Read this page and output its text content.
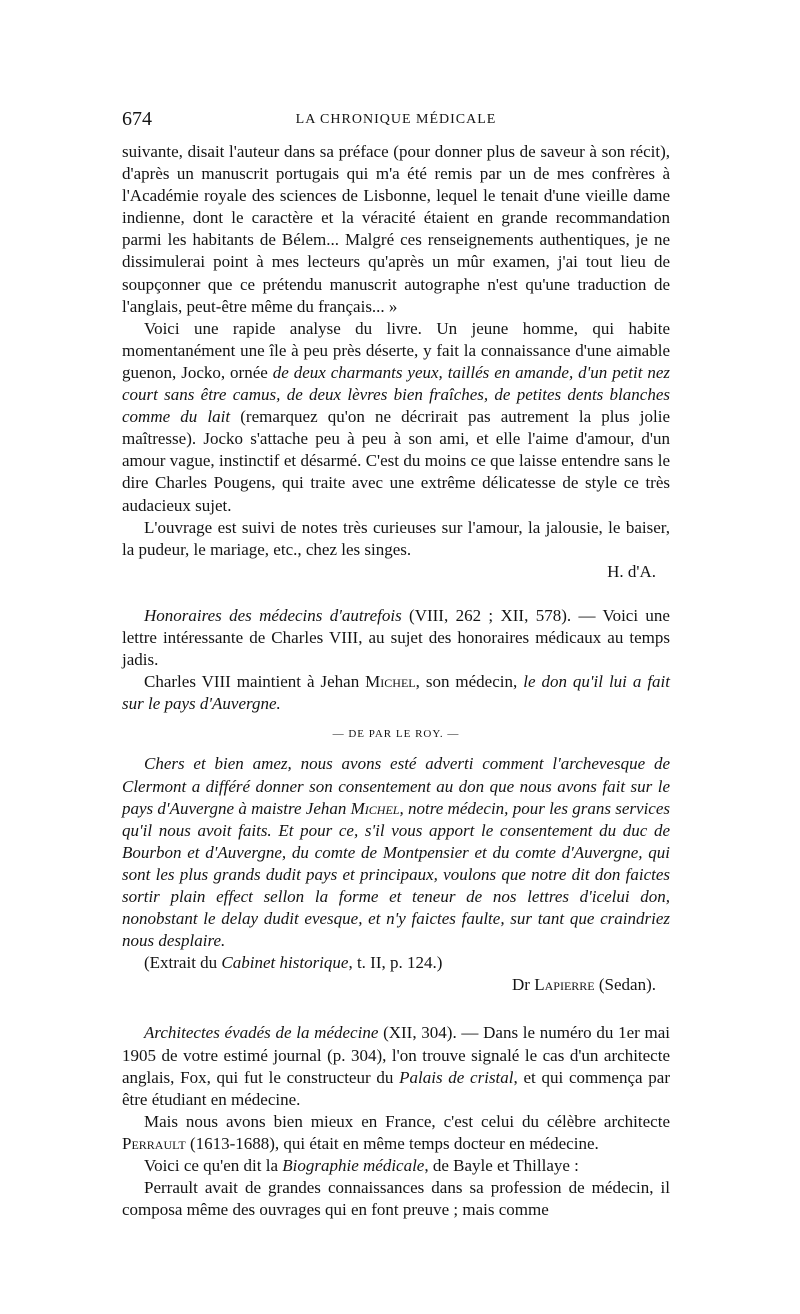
674	LA CHRONIQUE MÉDICALE

suivante, disait l'auteur dans sa préface (pour donner plus de saveur à son récit), d'après un manuscrit portugais qui m'a été remis par un de mes confrères à l'Académie royale des sciences de Lisbonne, lequel le tenait d'une vieille dame indienne, dont le caractère et la véracité étaient en grande recommandation parmi les habitants de Bélem... Malgré ces renseignements authentiques, je ne dissimulerai point à mes lecteurs qu'après un mûr examen, j'ai tout lieu de soupçonner que ce prétendu manuscrit autographe n'est qu'une traduction de l'anglais, peut-être même du français... »

Voici une rapide analyse du livre. Un jeune homme, qui habite momentanément une île à peu près déserte, y fait la connaissance d'une aimable guenon, Jocko, ornée de deux charmants yeux, taillés en amande, d'un petit nez court sans être camus, de deux lèvres bien fraîches, de petites dents blanches comme du lait (remarquez qu'on ne décrirait pas autrement la plus jolie maîtresse). Jocko s'attache peu à peu à son ami, et elle l'aime d'amour, d'un amour vague, instinctif et désarmé. C'est du moins ce que laisse entendre sans le dire Charles Pougens, qui traite avec une extrême délicatesse de style ce très audacieux sujet.

L'ouvrage est suivi de notes très curieuses sur l'amour, la jalousie, le baiser, la pudeur, le mariage, etc., chez les singes.

H. d'A.

Honoraires des médecins d'autrefois (VIII, 262 ; XII, 578). — Voici une lettre intéressante de Charles VIII, au sujet des honoraires médicaux au temps jadis.

Charles VIII maintient à Jehan Michel, son médecin, le don qu'il lui a fait sur le pays d'Auvergne.

— DE PAR LE ROY. —

Chers et bien amez, nous avons esté adverti comment l'archevesque de Clermont a différé donner son consentement au don que nous avons fait sur le pays d'Auvergne à maistre Jehan Michel, notre médecin, pour les grans services qu'il nous avoit faits. Et pour ce, s'il vous apport le consentement du duc de Bourbon et d'Auvergne, du comte de Montpensier et du comte d'Auvergne, qui sont les plus grands dudit pays et principaux, voulons que notre dit don faictes sortir plain effect sellon la forme et teneur de nos lettres d'icelui don, nonobstant le delay dudit evesque, et n'y faictes faulte, sur tant que craindriez nous desplaire.

(Extrait du Cabinet historique, t. II, p. 124.)

Dr Lapierre (Sedan).

Architectes évadés de la médecine (XII, 304). — Dans le numéro du 1er mai 1905 de votre estimé journal (p. 304), l'on trouve signalé le cas d'un architecte anglais, Fox, qui fut le constructeur du Palais de cristal, et qui commença par être étudiant en médecine.

Mais nous avons bien mieux en France, c'est celui du célèbre architecte Perrault (1613-1688), qui était en même temps docteur en médecine.

Voici ce qu'en dit la Biographie médicale, de Bayle et Thillaye :

Perrault avait de grandes connaissances dans sa profession de médecin, il composa même des ouvrages qui en font preuve ; mais comme
